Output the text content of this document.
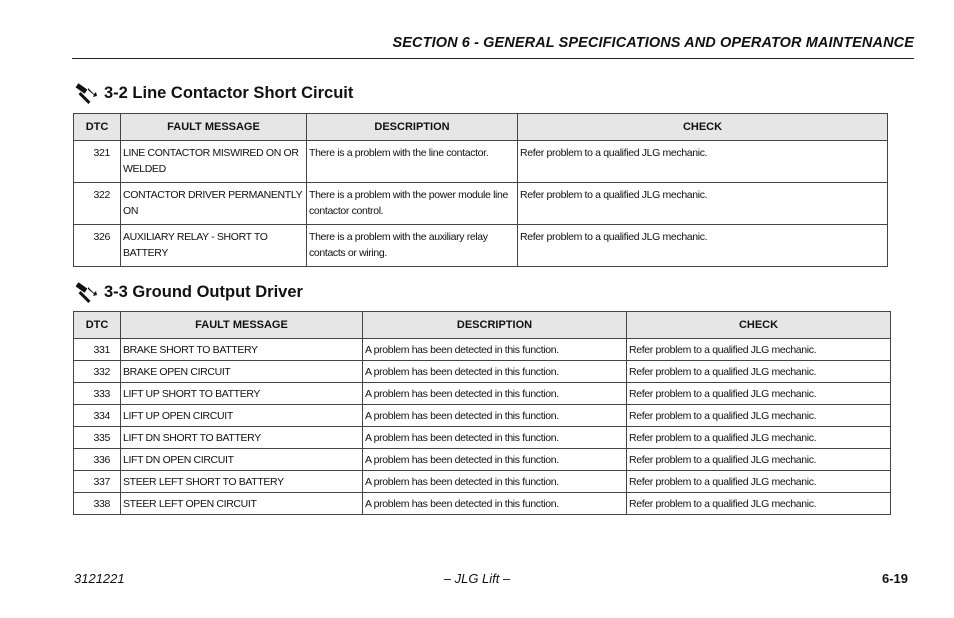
SECTION 6 - GENERAL SPECIFICATIONS AND OPERATOR MAINTENANCE
3-2 Line Contactor Short Circuit
DTC	FAULT MESSAGE	DESCRIPTION	CHECK
321	LINE CONTACTOR MISWIRED ON OR WELDED	There is a problem with the line contactor.	Refer problem to a qualified JLG mechanic.
322	CONTACTOR DRIVER PERMANENTLY ON	There is a problem with the power module line contactor control.	Refer problem to a qualified JLG mechanic.
326	AUXILIARY RELAY - SHORT TO BATTERY	There is a problem with the auxiliary relay contacts or wiring.	Refer problem to a qualified JLG mechanic.
3-3 Ground Output Driver
DTC	FAULT MESSAGE	DESCRIPTION	CHECK
331	BRAKE SHORT TO BATTERY	A problem has been detected in this function.	Refer problem to a qualified JLG mechanic.
332	BRAKE OPEN CIRCUIT	A problem has been detected in this function.	Refer problem to a qualified JLG mechanic.
333	LIFT UP SHORT TO BATTERY	A problem has been detected in this function.	Refer problem to a qualified JLG mechanic.
334	LIFT UP OPEN CIRCUIT	A problem has been detected in this function.	Refer problem to a qualified JLG mechanic.
335	LIFT DN SHORT TO BATTERY	A problem has been detected in this function.	Refer problem to a qualified JLG mechanic.
336	LIFT DN OPEN CIRCUIT	A problem has been detected in this function.	Refer problem to a qualified JLG mechanic.
337	STEER LEFT SHORT TO BATTERY	A problem has been detected in this function.	Refer problem to a qualified JLG mechanic.
338	STEER LEFT OPEN CIRCUIT	A problem has been detected in this function.	Refer problem to a qualified JLG mechanic.
3121221	– JLG Lift –	6-19
